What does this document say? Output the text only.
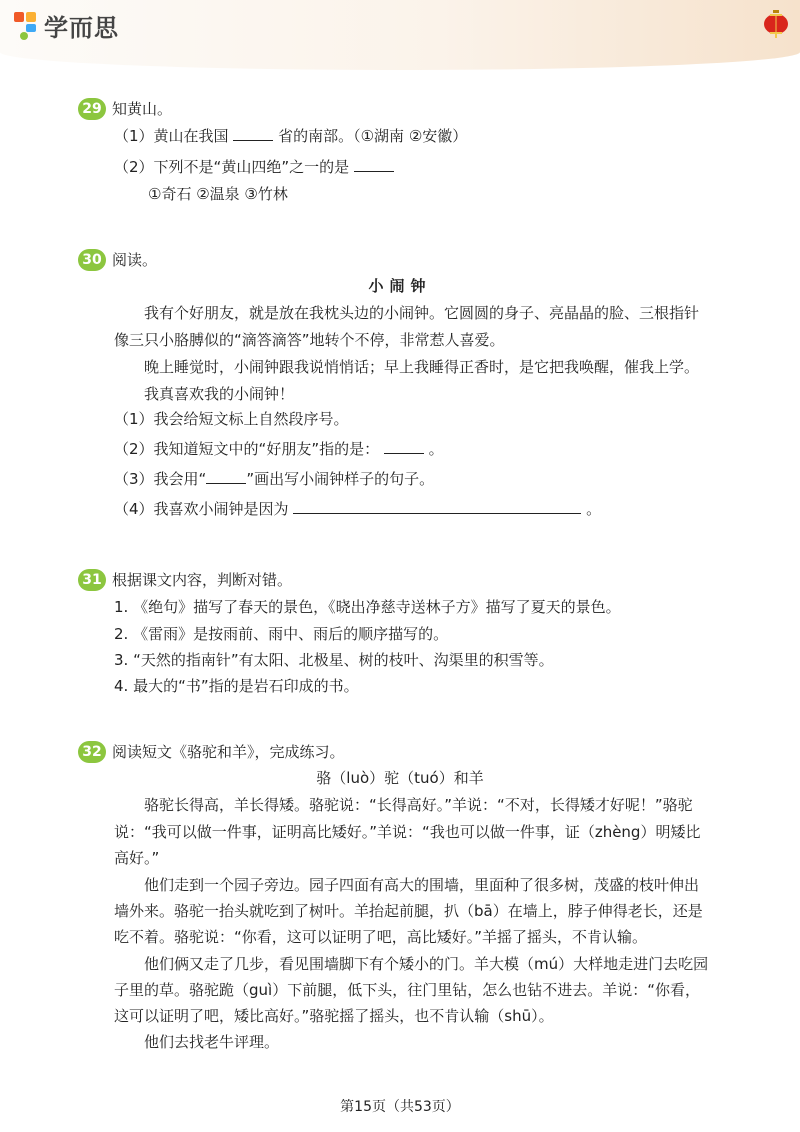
学而思
29 知黄山。
（1）黄山在我国	省的南部。（①湖南 ②安徽）
（2）下列不是“黄山四绝”之一的是
①奇石 ②温泉 ③竹林
30 阅读。
小闹钟
我有个好朋友，就是放在我枕头边的小闹钟。它圆圆的身子、亮晶晶的脸、三根指针
像三只小胳膊似的“滴答滴答”地转个不停，非常惹人喜爱。
晚上睡觉时，小闹钟跟我说悄悄话；早上我睡得正香时，是它把我唤醒，催我上学。
我真喜欢我的小闹钟！
（1）我会给短文标上自然段序号。
（2）我知道短文中的“好朋友”指的是：	。
（3）我会用“	”画出写小闹钟样子的句子。
（4）我喜欢小闹钟是因为	。
31 根据课文内容，判断对错。
1. 《绝句》描写了春天的景色，《晓出净慈寺送林子方》描写了夏天的景色。
2. 《雷雨》是按雨前、雨中、雨后的顺序描写的。
3. “天然的指南针”有太阳、北极星、树的枝叶、沟渠里的积雪等。
4. 最大的“书”指的是岩石印成的书。
32 阅读短文《骆驼和羊》，完成练习。
骆（luò）驼（tuó）和羊
骆驼长得高，羊长得矮。骆驼说：“长得高好。”羊说：“不对，长得矮才好呢！”骆驼
说：“我可以做一件事，证明高比矮好。”羊说：“我也可以做一件事，证（zhèng）明矮比
高好。”
他们走到一个园子旁边。园子四面有高大的围墙，里面种了很多树，茂盛的枝叶伸出
墙外来。骆驼一抬头就吃到了树叶。羊抬起前腿，扒（bā）在墙上，脖子伸得老长，还是
吃不着。骆驼说：“你看，这可以证明了吧，高比矮好。”羊摇了摇头，不肯认输。
他们俩又走了几步，看见围墙脚下有个矮小的门。羊大模（mú）大样地走进门去吃园
子里的草。骆驼跪（guì）下前腿，低下头，往门里钻，怎么也钻不进去。羊说：“你看，
这可以证明了吧，矮比高好。”骆驼摇了摇头，也不肯认输（shū）。
他们去找老牛评理。
第15页（共53页）
